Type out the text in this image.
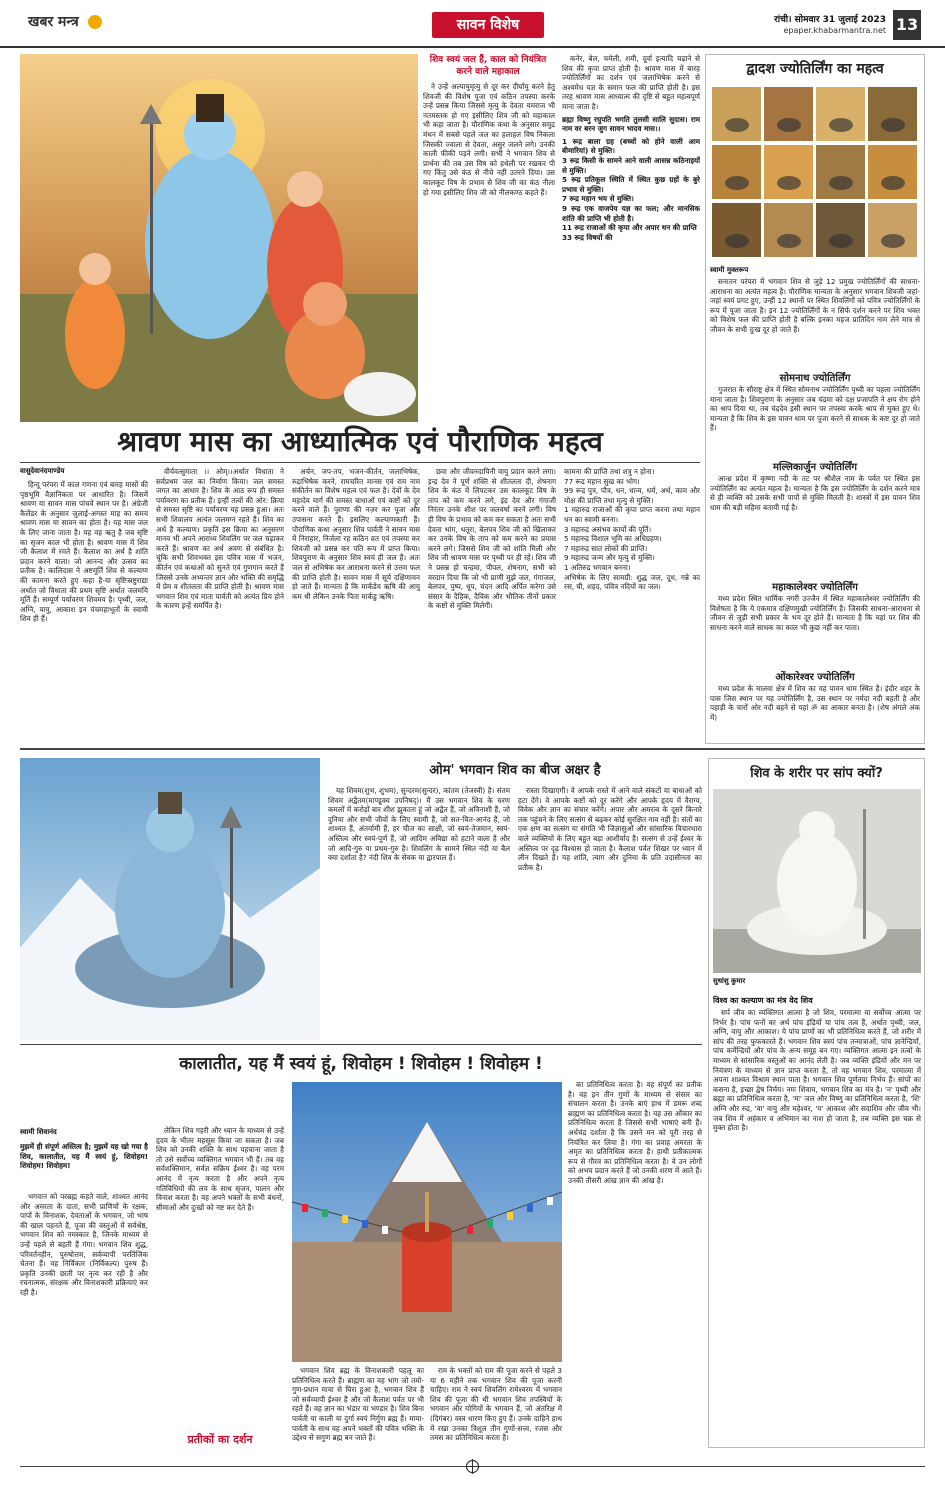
खबर मन्त्र	सावन विशेष	रांची। सोमवार 31 जुलाई 2023
epaper.khabarmantra.net 13
शिव स्वयं जल हैं, काल को नियंत्रित करने वाले महाकाल

ने उन्हें अल्पायुमृत्यु से दूर कर दीर्घायु करने हेतु शिवजी की विशेष पूजा एवं कठिन तपस्या करके उन्हें प्रसन्न किया जिससे मृत्यु के देवता यमराज भी नतमस्तक हो गए इसीलिए शिव जी को महाकाल भी कहा जाता है। पौराणिक कथा के अनुसार समुद्र मंथन में सबसे पहले जल का हलाहल विष निकला जिसकी ज्वाला से देवता, असुर जलने लगे। उनकी काली फीकी पड़ने लगी। सभी ने भगवान शिव से प्रार्थना की तब उस विष को हथेली पर रखकर पी गए किंतु उसे कंठ से नीचे नहीं उतरने दिया। उस कालकूट विष के प्रभाव से शिव जी का कंठ नीला हो गया इसीलिए शिव जी को नीलकण्ठ कहते हैं।

कनेर, बेल, चमेली, शमी, दूर्वा इत्यादि चढ़ाने से शिव की कृपा प्राप्त होती है। श्रावण मास में बारह ज्योतिर्लिंगों का दर्शन एवं जलाभिषेक करने से अश्वमेध यज्ञ के समान फल की प्राप्ति होती है। इस तरह श्रावण मास आध्यात्म की दृष्टि से बहुत महत्वपूर्ण माना जाता है।

ब्रह्मा विष्णु रघुपति भगति तुलसी सालि सुदास। राम नाम वर बरन जुग सावन भादव मास।।

1 रूद्र बाला ग्रह (बच्चों को होने वाली आम बीमारियां) से मुक्ति।
3 रूद्र किसी के सामने आने वाली आसन्न कठिनाइयों से मुक्ति।
5 रूद्र प्रतिकूल स्थिति में स्थित कुछ ग्रहों के बुरे प्रभाव से मुक्ति।
7 रूद्र महान भय से मुक्ति।
9 रूद्र एक वाजपेय यज्ञ का फल; और मानसिक शांति की प्राप्ति भी होती है।
11 रूद्र राजाओं की कृपा और अपार धन की प्राप्ति
33 रूद्र विषयों की

श्रावण मास का आध्यात्मिक एवं पौराणिक महत्व
वासुदेवानंदपाण्डेय

हिन्दू परंपरा में काल गणना एवं बारह मासों की पृष्ठभूमि वैज्ञानिकता पर आधारित है। जिसमें श्रावण या सावन मास पांचवें स्थान पर है। अंग्रेजी कैलेंडर के अनुसार जुलाई-अगस्त माह का समय श्रावण मास या सावन का होता है। यह मास जल के लिए जाना जाता है। यह वह ऋतु है जब सृष्टि का सृजन काल भी होता है। श्रावण मास में शिव जी कैलाश में रमते हैं। कैलाश का अर्थ है शांति प्रदान करने वाला। जो आनन्द और उत्सव का प्रतीक है। कालिदास ने अष्टमूर्ति शिव से कल्याण की कामना करते हुए कहा है-या सृष्टिःस्रष्टुराद्या अर्थात जो विधाता की प्रथम सृष्टि अर्थात जलमयि मूर्ति हैं। सम्पूर्ण पर्यावरण शिवमय है। पृथ्वी, जल, अग्नि, वायु, आकाश इन पंचमहाभूतों के स्वामी शिव ही हैं।

वीर्यवत्सुमाता ।। ओम्‌।।अर्थात विधाता ने सर्वप्रथम जल का निर्माण किया। जल समस्त जगत का आधार है। शिव के आठ रूप ही समस्त पर्यावरण का प्रतीक हैं। इन्हीं तत्वों की ओर: क्रिया से समस्त सृष्टि का पर्यावरण यह प्रसन्न हुआ। अतः सभी शिवालय अत्यंत जलमग्न रहते हैं। शिव का अर्थ है कल्याण। प्रकृति इस क्रिया का अनुसरण मानव भी अपने आराध्य शिवलिंग पर जल चढ़ाकर करते हैं। श्रावण का अर्थ अवण से संबंधित है। चूंकि सभी शिवभक्त इस पवित्र मास में भजन, कीर्तन एवं कथाओं को सुनते एवं गुणगान करते हैं जिससे उनके अभ्यन्तर ज्ञान और भक्ति की समृद्धि में प्रेम व शीतलता की प्राप्ति होती है। श्रावण मास भगवान शिव एवं माता पार्वती को अत्यंत प्रिय होने के कारण इन्हें समर्पित है।

अर्चन, जप-तप, भजन-कीर्तन, जलाभिषेक, रुद्राभिषेक करने, रामचरित मानस एवं राम नाम संकीर्तन का विशेष महत्व एवं फल है। देवों के देव महादेव मार्ग की समस्त बाधाओं एवं कष्टों को दूर करने वाले हैं। पुराणा की नज़र कर पूजा और उपासना करते हैं। इसलिए कल्याणकारी हैं। पौराणिक कथा अनुसार शिव पार्वती ने सावन मास में निराहार, निर्जला रह कठिन व्रत एवं तपस्या कर शिवजी को प्रसन्न कर पति रूप में प्राप्त किया। शिवपुराण के अनुसार शिव स्वयं ही जल हैं। अतः जल से अभिषेक कर आराधना करने से उत्तम फल की प्राप्ति होती है। सावन मास में सूर्य दक्षिणायन हो जाते हैं। मान्यता है कि मार्कंडेय ऋषि की आयु कम थी लेकिन उनके पिता मार्कंडु ऋषि।

छवा और जीवनदायिनी वायु प्रदान करने लगा। इन्द्र देव ने पूर्ण शक्ति से शीतलता दी, शेषनाग शिव के कंठ में लिपटकर उस कालकूट विष के ताप को कम करने लगे, इंद्र देव और गंगाजी निरंतर उनके शीश पर जलवर्षा करने लगी। विष ही विष के प्रभाव को कम कर सकता है अतः सभी देवता भांग, धतूरा, बेलपत्र शिव जी को खिलाकर कर उनके विष के ताप को कम करने का प्रयास करने लगे। जिससे शिव जी को शांति मिली और शिव जी श्रावण मास पर पृथ्वी पर ही रहे। शिव जी ने प्रसन्न हो चन्द्रमा, पीपल, शेषनाग, सभी को वरदान दिया कि जो भी प्राणी मुझे जल, गंगाजल, बेलपत्र, पुष्प, धूप, चंदन आदि अर्पित करेगा उसे संसार के दैहिक, दैविक और भौतिक तीनों प्रकार के कष्टों से मुक्ति मिलेगी।

कामना की प्राप्ति तथा शत्रु न होना।
77 रूद्र महान सुख का भोग।
99 रूद्र पुत्र, पौत्र, धन, धान्य, धर्म, अर्थ, काम और मोक्ष की प्राप्ति तथा मृत्यु से मुक्ति।
1 महारुद्र राजाओं की कृपा प्राप्त करना तथा महान धन का स्वामी बनना।
3 महारुद्र असंभव कार्यो की पूर्ति।
5 महारुद्र विशाल भूमि का अधिग्रहण।
7 महारुद्र सात लोकों की प्राप्ति।
9 महारुद्र जन्म और मृत्यु से मुक्ति।
1 अतिरुद्र भगवान बनना।
अभिषेक के लिए सामग्री: शुद्ध जल, दूध, गन्ने का रस, घी, शहद, पवित्र नदियों का जल।

द्वादश ज्योतिर्लिंग का महत्व
स्वामी मुक्तरूप

सनातन परंपरा में भगवान शिव से जुड़े 12 प्रमुख ज्योतिर्लिंगों की साधना-आराधना का अत्यंत महत्व है। पौराणिक मान्यता के अनुसार भगवान शिवजी जहां-जहां स्वयं प्रगट हुए, उन्हीं 12 स्थानों पर स्थित शिवलिंगों को पवित्र ज्योतिर्लिंगों के रूप में पूजा जाता है। इन 12 ज्योतिर्लिंगों के न सिर्फ दर्शन करने पर शिव भक्त को विशेष फल की प्राप्ति होती है बल्कि इनका महज प्रातिदिन नाम लेने मात्र से जीवन के सभी दुःख दूर हो जाते हैं।

सोमनाथ ज्योतिर्लिंग

गुजरात के सौराष्ट्र क्षेत्र में स्थित सोमनाथ ज्योतिर्लिंग पृथ्वी का पहला ज्योतिर्लिंग माना जाता है। शिवपुराण के अनुसार जब चंद्रमा को दक्ष प्रजापति ने क्षय रोग होने का श्राप दिया था, तब चंद्रदेव इसी स्थान पर तपस्या करके श्राप से मुक्त हुए थे। मान्यता है कि शिव के इस पावन धाम पर पूजा करने से साधक के कष्ट दूर हो जाते हैं।

मल्लिकार्जुन ज्योतिर्लिंग

आन्ध्र प्रदेश में कृष्णा नदी के तट पर श्रीशैल नाम के पर्वत पर स्थित इस ज्योतिर्लिंग का अत्यंत महत्व है। मान्यता है कि इस ज्योतिर्लिंग के दर्शन करने मात्र से ही व्यक्ति को उसके सभी पापों से मुक्ति मिलती है। शास्त्रों में इस पावन शिव धाम की बड़ी महिमा बतायी गई है।

महाकालेश्वर ज्योतिर्लिंग

मध्य प्रदेश स्थित धार्मिक नगरी उज्जैन में स्थित महाकालेश्वर ज्योतिर्लिंग की विशेषता है कि ये एकमात्र दक्षिणमुखी ज्योतिर्लिंग है। जिसकी साधना-आराधना से जीवन से जुड़ी सभी प्रकार के भय दूर होते हैं। मान्यता है कि यहां पर शिव की साधना करने वाले साधक का काल भी कुछ नहीं कर पाता।

ओंकारेश्वर ज्योतिर्लिंग

मध्य प्रदेश के मालवा क्षेत्र में शिव का यह पावन धाम स्थित है। इंदौर शहर के पास जिस स्थान पर यह ज्योतिर्लिंग है, उस स्थान पर नर्मदा नदी बहती है और पहाड़ी के चारों ओर नदी बहने से यहां ॐ का आकार बनता है। (शेष अंगले अंक में)

ओम' भगवान शिव का बीज अक्षर है

यह शिवम(शुभ, शुभम), सुन्दरम(सुन्दर), कांतम (तेजस्वी) है। संतम शिवम अद्वैतम(माण्डूक्य उपनिषद्)। मैं उस भगवान शिव के चरण कमलों में करोड़ों बार शीश झुकाता हूं जो अद्वैत हैं, जो अविनाशी हैं, जो दुनिया और सभी जीवों के लिए स्वामी हैं, जो सत-चित-आनंद हैं, जो शाश्वत हैं, अंतर्यामी हैं, हर चीज का साक्षी, जो स्वयं-तेजमान, स्वयं-अस्तित्व और स्वयं-पूर्ण हैं, जो आदिम अविद्या को हटाने वाला है और जो आदि-गुरु या प्रथम-गुरु है। शिवलिंग के सामने स्थित नंदी या बैल क्या दर्शाता है? नंदी शिव के सेवक या द्वारपाल हैं।

रास्ता दिखाएगी। वे आपके रास्ते में आने वाले संकटों या बाधाओं को हटा देंगे। वे आपके कष्टों को दूर करेंगे और आपके हृदय में वैराग्य, विवेक और ज्ञान का संचार करेंगे। अपार और अमरत्व के दूसरे किनारे तक पहुंचने के लिए सत्संग से बढ़कर कोई सुरक्षित नाव नहीं है। संतों का एक क्षण का सत्संग या संगति भी जिज्ञासुओं और सांसारिक विचारधारा वाले व्यक्तियों के लिए बहुत बड़ा आशीर्वाद है। सत्संग से उन्हें ईश्वर के अस्तित्व पर दृढ़ विश्वास हो जाता है। कैलाश पर्वत शिखर पर ध्यान में लीन दिखते हैं। यह शांति, त्याग और दुनिया के प्रति उदासीनता का प्रतीक है।

शिव के शरीर पर सांप क्यों?
सुधांशु कुमार
विश्व का कल्याण का मंत्र वेद शिव

सर्प जीव का व्यक्तिगत आत्मा है जो शिव, परमात्मा या सर्वोच्च आत्मा पर निर्भर है। पांच फनों का अर्थ पांच इंद्रियों या पांच तत्व हैं, अर्थात पृथ्वी, जल, अग्नि, वायु और आकाश। ये पांच प्राणों का भी प्रतिनिधित्व करते हैं, जो शरीर में सांप की तरह फुफकारते हैं। भगवान शिव स्वयं पांच तन्मात्राओं, पांच ज्ञानेन्द्रियों, पांच कर्मेन्द्रियों और पांच के अन्य समूह बन गए। व्यक्तिगत आत्मा इन तत्वों के माध्यम से सांसारिक वस्तुओं का आनंद लेती है। जब व्यक्ति इंद्रियों और मन पर नियंत्रण के माध्यम से ज्ञान प्राप्त करता है, तो वह भगवान शिव, परमात्मा में अपना शाश्वत विश्राम स्थान पाता है। भगवान शिव पूर्णतया निर्भय हैं। सांपों का कसना है, इच्छा द्वेष निर्मय। नमः शिवाय, भगवान शिव का मंत्र है। 'न' पृथ्वी और ब्रह्मा का प्रतिनिधित्व करता है, 'मः' जल और विष्णु का प्रतिनिधित्व करता है, 'शि' अग्नि और रुद्र, 'वा' वायु और महेश्वर, 'य' आकाश और सदाशिव और जीव भी। जब शिव में अहंकार व अभिमान का नाश हो जाता है, तब व्यक्ति इस चक्र से मुक्त होता है।

कालातीत, यह मैं स्वयं हूं, शिवोहम ! शिवोहम ! शिवोहम !
स्वामी शिवानंद

मुझमें ही संपूर्ण अस्तित्व है; मुझमें यह खो गया है शिव, कालातीत, यह मैं स्वयं हूं, शिवोहम! शिवोहम! शिवोहम!

भगवान को परब्रह्म कहते वाले, शाश्वत आनंद और अमरता के दाता, सभी प्राणियों के रक्षक, पापों के विनाशक, देवताओं के भगवान, जो भाष की खाल पहनते हैं, पूजा की वस्तुओं में सर्वश्रेष्ठ, भगवान शिव को नमस्कार है, जिनके माध्यम से उन्हें पहले से बहती हैं गंगा। भगवान शिव शुद्ध, परिवर्तनहीन, पुरुषोत्तम, सर्वव्यापी परतिंजिक चेतना हैं। वह निर्विकार (निर्विकल्प) पुरुष हैं। प्रकृति उनकी छाती पर नृत्य कर रही है और रचनात्मक, संरक्षक और विनाशकारी प्रक्रियाएं कर रही है।

लेकिन शिव गहरी और ध्यान के माध्यम से उन्हें हृदय के भीतर महसूस किया जा सकता है। जब शिव को उनकी शक्ति के साथ पहचाना जाता है तो उसे सर्वोच्च व्यक्तिगत भगवान भी हैं। तब वह सर्वशक्तिमान, सर्वज्ञ सक्रिय ईश्वर है। वह परम आनंद में नृत्य करता है और अपने नृत्य गतिविधियों की लय के साथ सृजन, पालन और विनाश करता है। वह अपने भक्तों के सभी बंधनों, सीमाओं और दुःखों को नष्ट कर देते हैं।

प्रतीकों का दर्शन

भगवान शिव ब्रह्म के विनाशकारी पहलू का प्रतिनिधित्व करते हैं। ब्राह्मण का वह भाग जो तमो-गुण-प्रधान माया से घिरा हुआ है, भगवान शिव हैं जो सर्वव्यापी ईश्वर हैं और जो कैलाश पर्वत पर भी रहते हैं। वह ज्ञान का भंडार या भण्डार है। शिव बिना पार्वती या काली या दुर्गा स्वयं निर्गुण ब्रह्म हैं। माया-पार्वती के साथ वह अपने भक्तों की पवित्र भक्ति के उद्देश्य से सगुण ब्रह्म बन जाते हैं।

राम के भक्तों को राम की पूजा करने से पहले 3 या 6 महीने तक भगवान शिव की पूजा करनी चाहिए। राम ने स्वयं शिवलिंग रामेश्वरम में भगवान शिव की पूजा की थी भगवान शिव तपस्वियों के भगवान और योगियों के भगवान हैं, जो अंतरिक्ष में (दिगंबर) वस्त्र धारण किए हुए हैं। उनके दाहिने हाथ में रखा उनका त्रिशूल तीन गुणों-सत्त्व, रजस और तमस का प्रतिनिधित्व करता है।

का प्रतिनिधित्व करता है। वह संपूर्ण का प्रतीक है। वह इन तीन गुणों के माध्यम से संसार का संचालन करता है। उनके बाएं हाथ में डमरू शब्द ब्राह्मण का प्रतिनिधित्व करता है। यह उस ओंकार का प्रतिनिधित्व करता है जिससे सभी भाषाएं बनी हैं। अर्धचंद्र दर्शाता है कि उसने मन को पूरी तरह से नियंत्रित कर लिया है। गंगा का प्रवाह अमरता के अमृत का प्रतिनिधित्व करता है। हाथी प्रतीकात्मक रूप से गौरव का प्रतिनिधित्व करता है। वे उन लोगों को अभय प्रदान करते हैं जो उनकी शरण में आते हैं। उनकी तीसरी आंख ज्ञान की आंख है।
